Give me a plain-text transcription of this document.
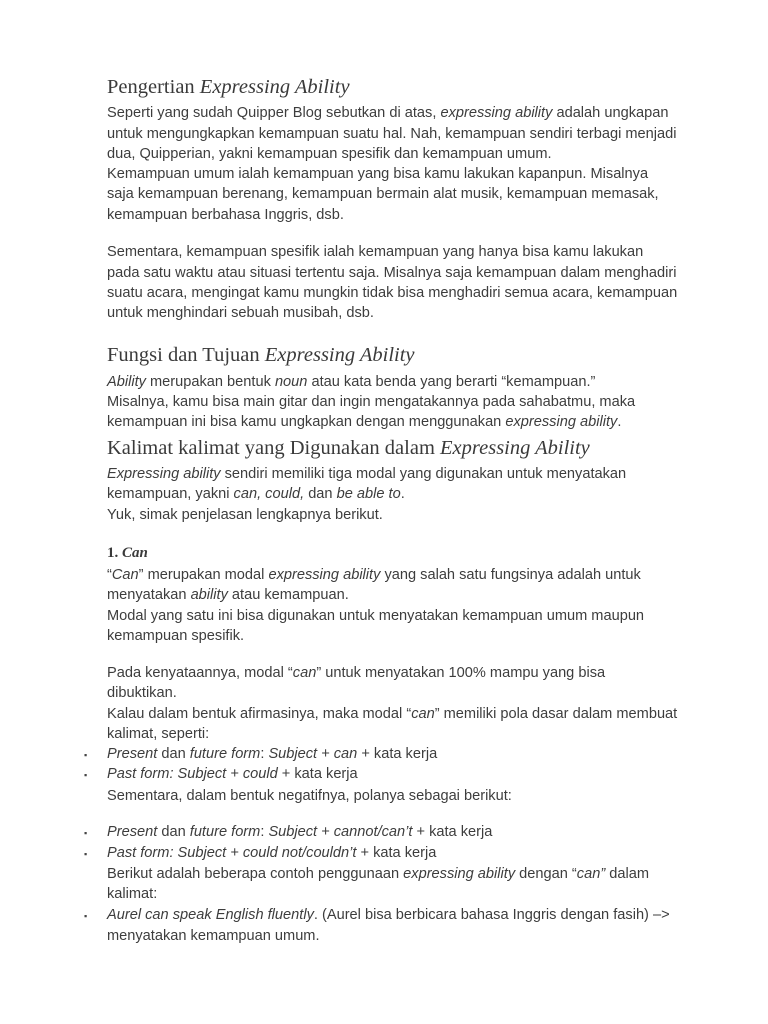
Pengertian Expressing Ability
Seperti yang sudah Quipper Blog sebutkan di atas, expressing ability adalah ungkapan
untuk mengungkapkan kemampuan suatu hal. Nah, kemampuan sendiri terbagi menjadi
dua, Quipperian, yakni kemampuan spesifik dan kemampuan umum.
Kemampuan umum ialah kemampuan yang bisa kamu lakukan kapanpun. Misalnya
saja kemampuan berenang, kemampuan bermain alat musik, kemampuan memasak,
kemampuan berbahasa Inggris, dsb.
Sementara, kemampuan spesifik ialah kemampuan yang hanya bisa kamu lakukan
pada satu waktu atau situasi tertentu saja. Misalnya saja kemampuan dalam menghadiri
suatu acara, mengingat kamu mungkin tidak bisa menghadiri semua acara, kemampuan
untuk menghindari sebuah musibah, dsb.
Fungsi dan Tujuan Expressing Ability
Ability merupakan bentuk noun atau kata benda yang berarti “kemampuan.”
Misalnya, kamu bisa main gitar dan ingin mengatakannya pada sahabatmu, maka
kemampuan ini bisa kamu ungkapkan dengan menggunakan expressing ability.
Kalimat kalimat yang Digunakan dalam Expressing Ability
Expressing ability sendiri memiliki tiga modal yang digunakan untuk menyatakan
kemampuan, yakni can, could, dan be able to.
Yuk, simak penjelasan lengkapnya berikut.
1. Can
“Can” merupakan modal expressing ability yang salah satu fungsinya adalah untuk
menyatakan ability atau kemampuan.
Modal yang satu ini bisa digunakan untuk menyatakan kemampuan umum maupun
kemampuan spesifik.
Pada kenyataannya, modal “can” untuk menyatakan 100% mampu yang bisa
dibuktikan.
Kalau dalam bentuk afirmasinya, maka modal “can” memiliki pola dasar dalam membuat
kalimat, seperti:
▪ Present dan future form: Subject + can + kata kerja
▪ Past form: Subject + could + kata kerja
Sementara, dalam bentuk negatifnya, polanya sebagai berikut:
▪ Present dan future form: Subject + cannot/can’t + kata kerja
▪ Past form: Subject + could not/couldn’t + kata kerja
Berikut adalah beberapa contoh penggunaan expressing ability dengan “can” dalam
kalimat:
▪ Aurel can speak English fluently. (Aurel bisa berbicara bahasa Inggris dengan fasih) –>
menyatakan kemampuan umum.
